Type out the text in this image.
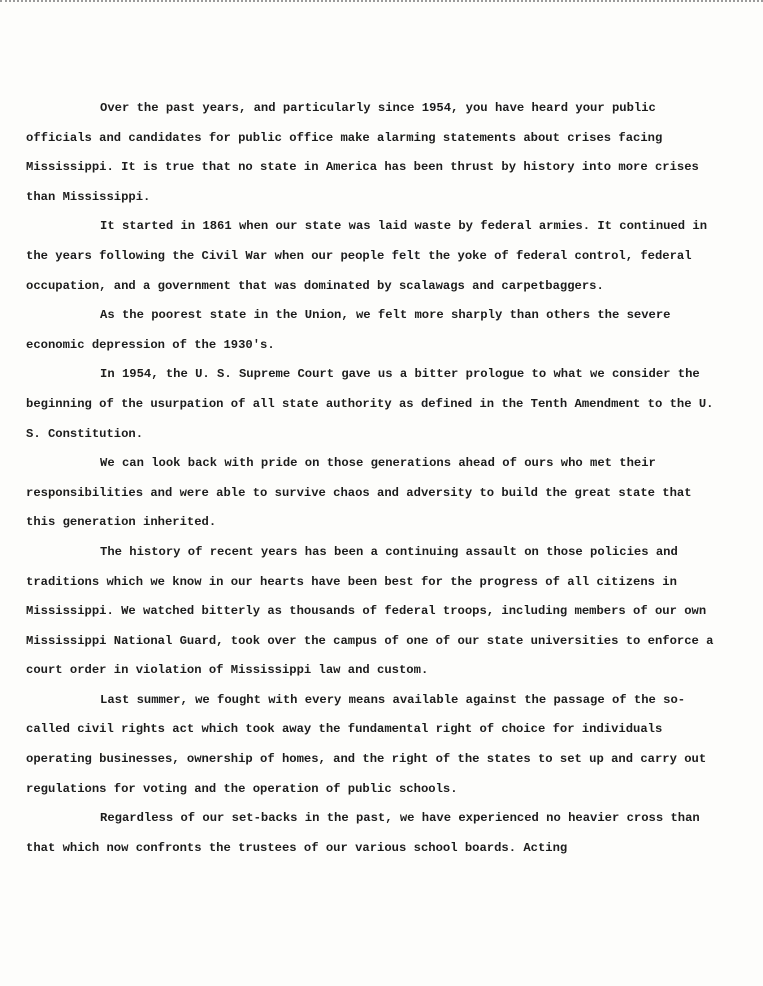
Over the past years, and particularly since 1954, you have heard your public officials and candidates for public office make alarming statements about crises facing Mississippi. It is true that no state in America has been thrust by history into more crises than Mississippi.

It started in 1861 when our state was laid waste by federal armies. It continued in the years following the Civil War when our people felt the yoke of federal control, federal occupation, and a government that was dominated by scalawags and carpetbaggers.

As the poorest state in the Union, we felt more sharply than others the severe economic depression of the 1930's.

In 1954, the U. S. Supreme Court gave us a bitter prologue to what we consider the beginning of the usurpation of all state authority as defined in the Tenth Amendment to the U. S. Constitution.

We can look back with pride on those generations ahead of ours who met their responsibilities and were able to survive chaos and adversity to build the great state that this generation inherited.

The history of recent years has been a continuing assault on those policies and traditions which we know in our hearts have been best for the progress of all citizens in Mississippi. We watched bitterly as thousands of federal troops, including members of our own Mississippi National Guard, took over the campus of one of our state universities to enforce a court order in violation of Mississippi law and custom.

Last summer, we fought with every means available against the passage of the so-called civil rights act which took away the fundamental right of choice for individuals operating businesses, ownership of homes, and the right of the states to set up and carry out regulations for voting and the operation of public schools.

Regardless of our set-backs in the past, we have experienced no heavier cross than that which now confronts the trustees of our various school boards. Acting
